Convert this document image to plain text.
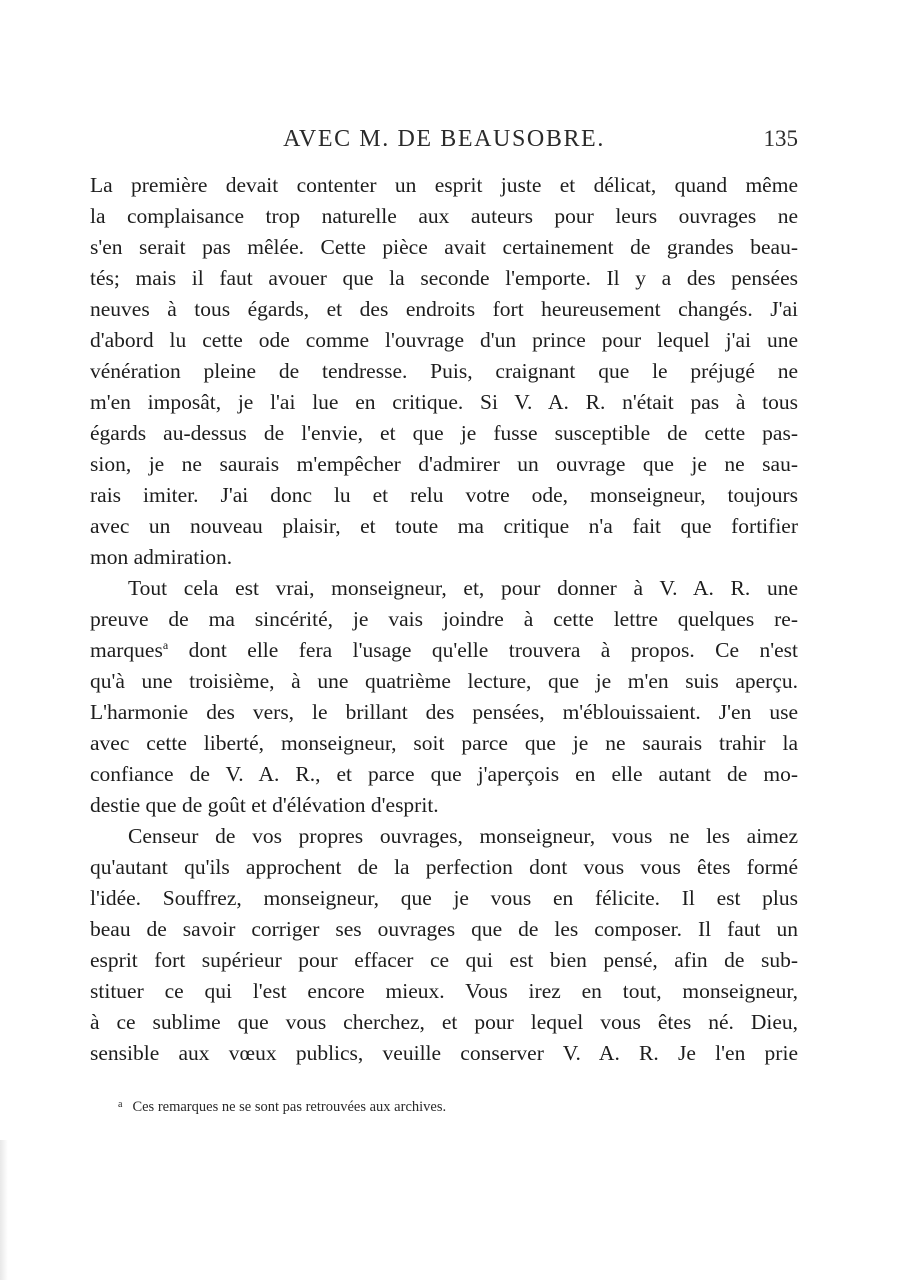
AVEC M. DE BEAUSOBRE.	135
La première devait contenter un esprit juste et délicat, quand même
la complaisance trop naturelle aux auteurs pour leurs ouvrages ne
s'en serait pas mêlée. Cette pièce avait certainement de grandes beau-
tés; mais il faut avouer que la seconde l'emporte. Il y a des pensées
neuves à tous égards, et des endroits fort heureusement changés. J'ai
d'abord lu cette ode comme l'ouvrage d'un prince pour lequel j'ai une
vénération pleine de tendresse. Puis, craignant que le préjugé ne
m'en imposât, je l'ai lue en critique. Si V. A. R. n'était pas à tous
égards au-dessus de l'envie, et que je fusse susceptible de cette pas-
sion, je ne saurais m'empêcher d'admirer un ouvrage que je ne sau-
rais imiter. J'ai donc lu et relu votre ode, monseigneur, toujours
avec un nouveau plaisir, et toute ma critique n'a fait que fortifier
mon admiration.
Tout cela est vrai, monseigneur, et, pour donner à V. A. R. une
preuve de ma sincérité, je vais joindre à cette lettre quelques re-
marques$^a$ dont elle fera l'usage qu'elle trouvera à propos. Ce n'est
qu'à une troisième, à une quatrième lecture, que je m'en suis aperçu.
L'harmonie des vers, le brillant des pensées, m'éblouissaient. J'en use
avec cette liberté, monseigneur, soit parce que je ne saurais trahir la
confiance de V. A. R., et parce que j'aperçois en elle autant de mo-
destie que de goût et d'élévation d'esprit.
Censeur de vos propres ouvrages, monseigneur, vous ne les aimez
qu'autant qu'ils approchent de la perfection dont vous vous êtes formé
l'idée. Souffrez, monseigneur, que je vous en félicite. Il est plus
beau de savoir corriger ses ouvrages que de les composer. Il faut un
esprit fort supérieur pour effacer ce qui est bien pensé, afin de sub-
stituer ce qui l'est encore mieux. Vous irez en tout, monseigneur,
à ce sublime que vous cherchez, et pour lequel vous êtes né. Dieu,
sensible aux vœux publics, veuille conserver V. A. R. Je l'en prie
$^a$ Ces remarques ne se sont pas retrouvées aux archives.
